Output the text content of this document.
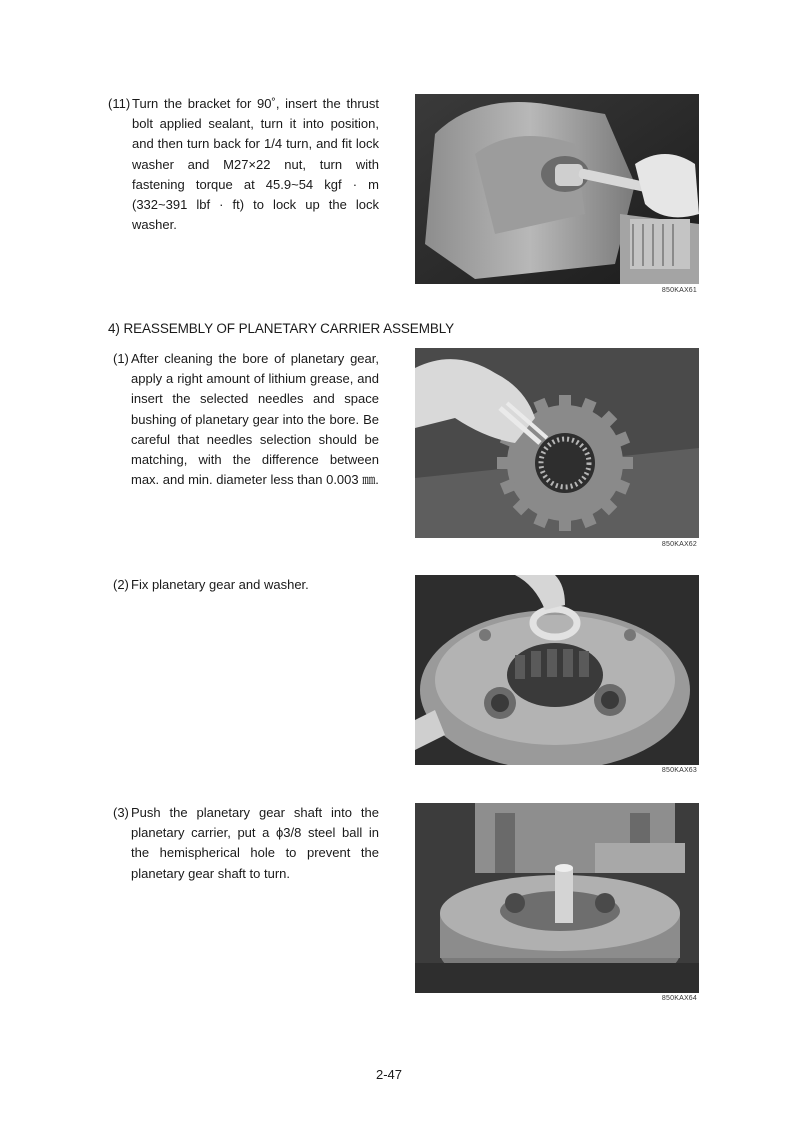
(11) Turn the bracket for 90˚, insert the thrust bolt applied sealant, turn it into position, and then turn back for 1/4 turn, and fit lock washer and M27×22 nut, turn with fastening torque at 45.9~54 kgf · m (332~391 lbf · ft) to lock up the lock washer.
850KAX61
4) REASSEMBLY OF PLANETARY CARRIER ASSEMBLY
(1) After cleaning the bore of planetary gear, apply a right amount of lithium grease, and insert the selected needles and space bushing of planetary gear into the bore. Be careful that needles selection should be matching, with the difference between max. and min. diameter less than 0.003 ㎜.
850KAX62
(2) Fix planetary gear and washer.
850KAX63
(3) Push the planetary gear shaft into the planetary carrier, put a ϕ3/8 steel ball in the hemispherical hole to prevent the planetary gear shaft to turn.
850KAX64
2-47
